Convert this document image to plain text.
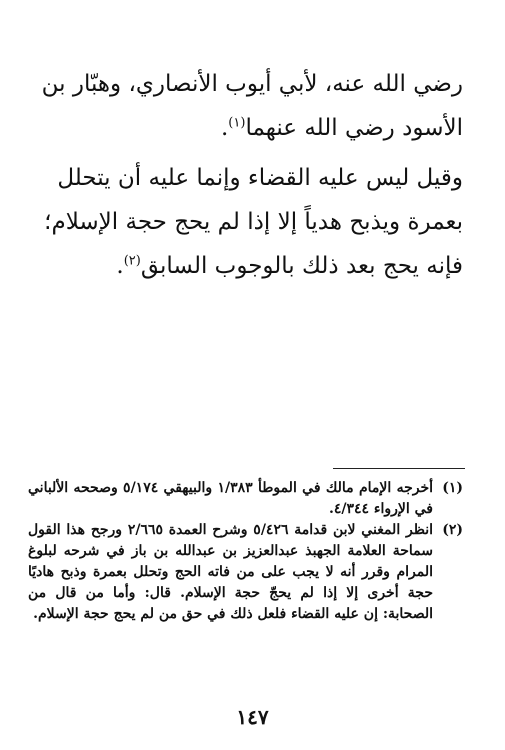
رضي الله عنه، لأبي أيوب الأنصاري، وهبّار بن الأسود رضي الله عنهما$^{(١)}$.

وقيل ليس عليه القضاء وإنما عليه أن يتحلل بعمرة ويذبح هدياً إلا إذا لم يحج حجة الإسلام؛ فإنه يحج بعد ذلك بالوجوب السابق$^{(٢)}$.

(١)
أخرجه الإمام مالك في الموطأ ١/٣٨٣ والبيهقي ٥/١٧٤ وصححه الألباني في الإرواء ٤/٣٤٤.
(٢)
انظر المغني لابن قدامة ٥/٤٢٦ وشرح العمدة ٢/٦٦٥ ورجح هذا القول سماحة العلامة الجهبذ عبدالعزيز بن عبدالله بن باز في شرحه لبلوغ المرام وقرر أنه لا يجب على من فاته الحج وتحلل بعمرة وذبح هاديًا حجة أخرى إلا إذا لم يحجّ حجة الإسلام. قال: وأما من قال من الصحابة: إن عليه القضاء فلعل ذلك في حق من لم يحج حجة الإسلام.
١٤٧
